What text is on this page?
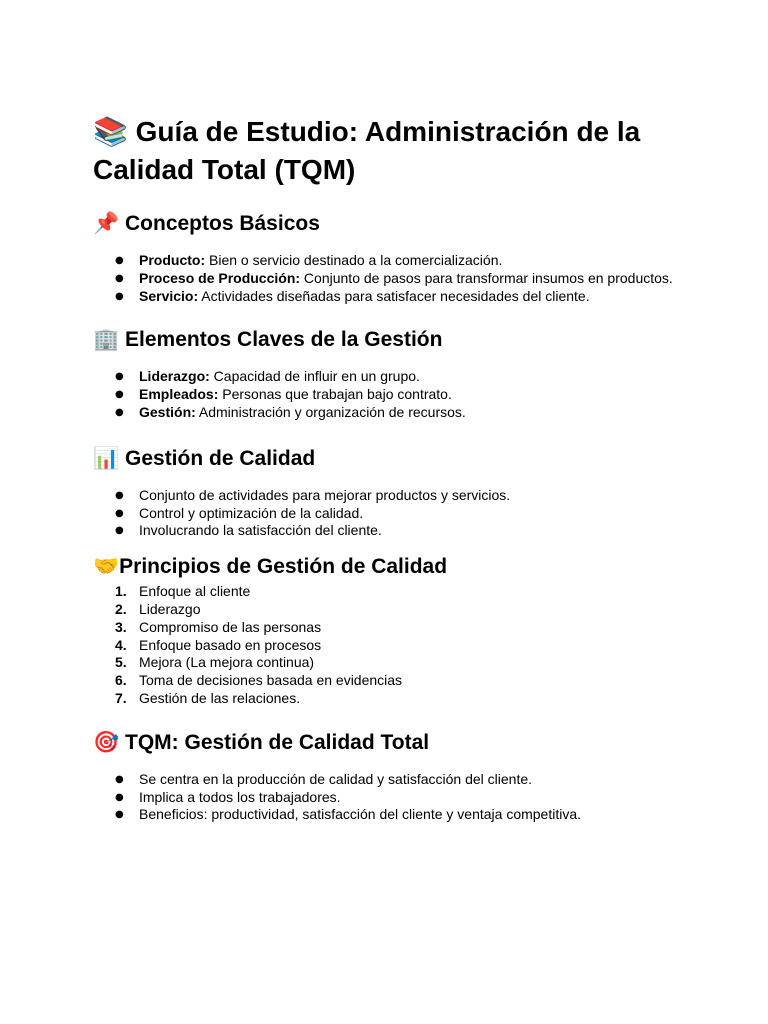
📚 Guía de Estudio: Administración de la Calidad Total (TQM)
📌 Conceptos Básicos
● Producto: Bien o servicio destinado a la comercialización.
● Proceso de Producción: Conjunto de pasos para transformar insumos en productos.
● Servicio: Actividades diseñadas para satisfacer necesidades del cliente.
🏢 Elementos Claves de la Gestión
● Liderazgo: Capacidad de influir en un grupo.
● Empleados: Personas que trabajan bajo contrato.
● Gestión: Administración y organización de recursos.
📊 Gestión de Calidad
● Conjunto de actividades para mejorar productos y servicios.
● Control y optimización de la calidad.
● Involucrando la satisfacción del cliente.
🤝Principios de Gestión de Calidad
1. Enfoque al cliente
2. Liderazgo
3. Compromiso de las personas
4. Enfoque basado en procesos
5. Mejora (La mejora continua)
6. Toma de decisiones basada en evidencias
7. Gestión de las relaciones.
🎯 TQM: Gestión de Calidad Total
● Se centra en la producción de calidad y satisfacción del cliente.
● Implica a todos los trabajadores.
● Beneficios: productividad, satisfacción del cliente y ventaja competitiva.
